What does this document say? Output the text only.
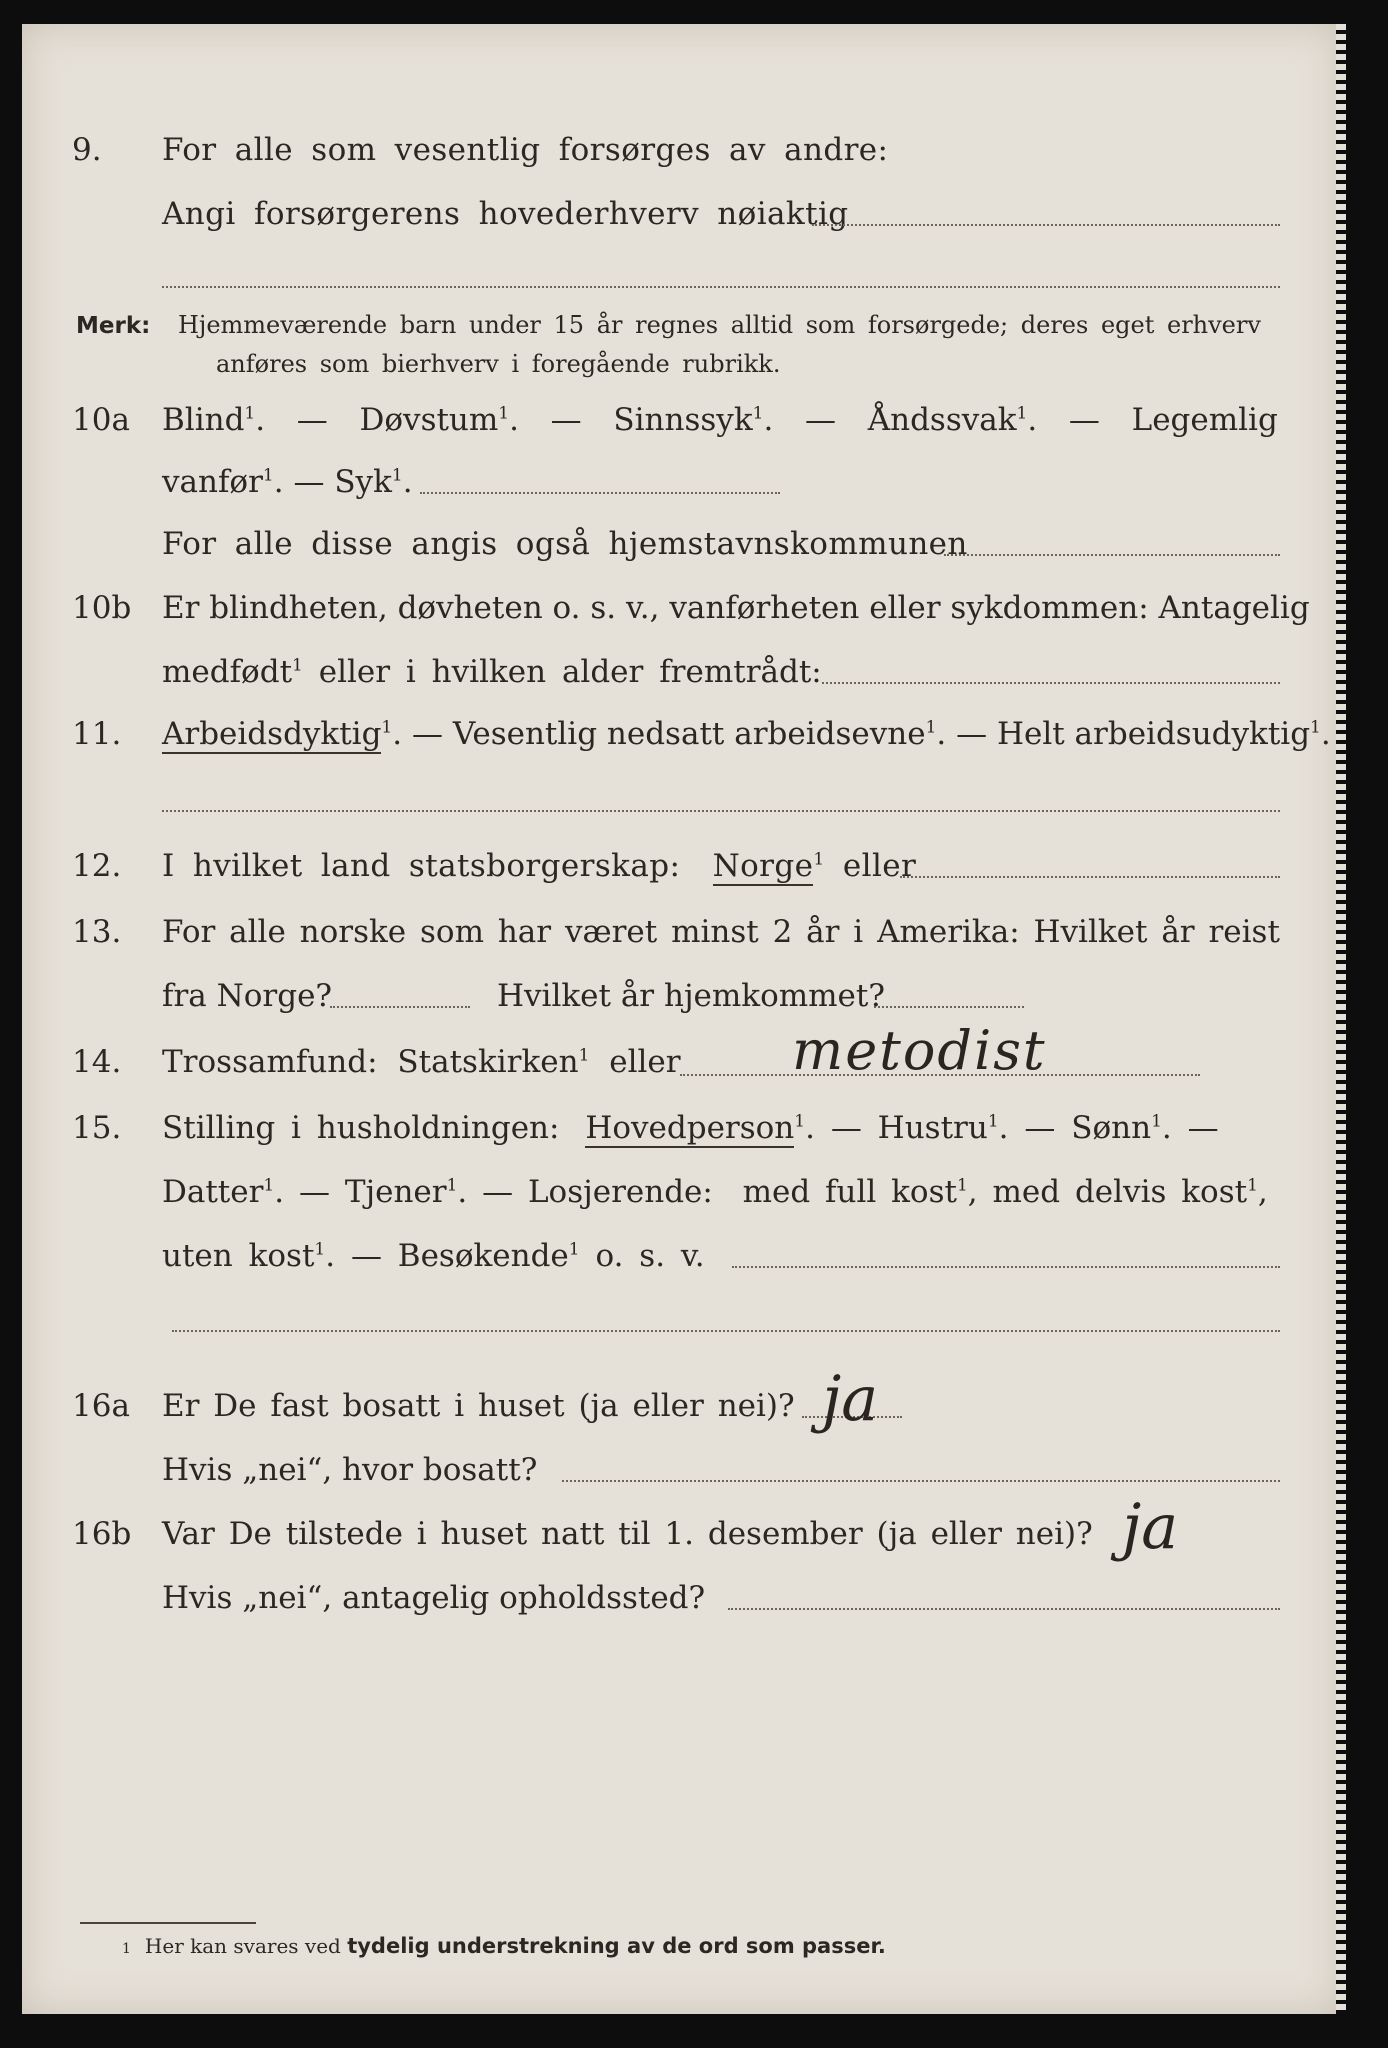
9. For alle som vesentlig forsørges av andre:
Angi forsørgerens hovederhverv nøiaktig
Merk: Hjemmeværende barn under 15 år regnes alltid som forsørgede; deres eget erhverv
anføres som bierhverv i foregående rubrikk.
10a Blind$^1$.  —  Døvstum$^1$.  —  Sinnssyk$^1$.  —  Åndssvak$^1$.  —  Legemlig
vanfør$^1$. — Syk$^1$.
For alle disse angis også hjemstavnskommunen
10b Er blindheten, døvheten o. s. v., vanførheten eller sykdommen: Antagelig
medfødt$^1$ eller i hvilken alder fremtrådt:
11. Arbeidsdyktig$^1$. — Vesentlig nedsatt arbeidsevne$^1$. — Helt arbeidsudyktig$^1$.
12. I hvilket land statsborgerskap: Norge$^1$ eller
13. For alle norske som har været minst 2 år i Amerika: Hvilket år reist
fra Norge?	Hvilket år hjemkommet?
14. Trossamfund: Statskirken$^1$ eller metodist
15. Stilling i husholdningen: Hovedperson$^1$. — Hustru$^1$. — Sønn$^1$. —
Datter$^1$. — Tjener$^1$. — Losjerende: med full kost$^1$, med delvis kost$^1$,
uten kost$^1$. — Besøkende$^1$ o. s. v.
16a Er De fast bosatt i huset (ja eller nei)? ja
Hvis „nei“, hvor bosatt?
16b Var De tilstede i huset natt til 1. desember (ja eller nei)? ja
Hvis „nei“, antagelig opholdssted?
1 Her kan svares ved tydelig understrekning av de ord som passer.
